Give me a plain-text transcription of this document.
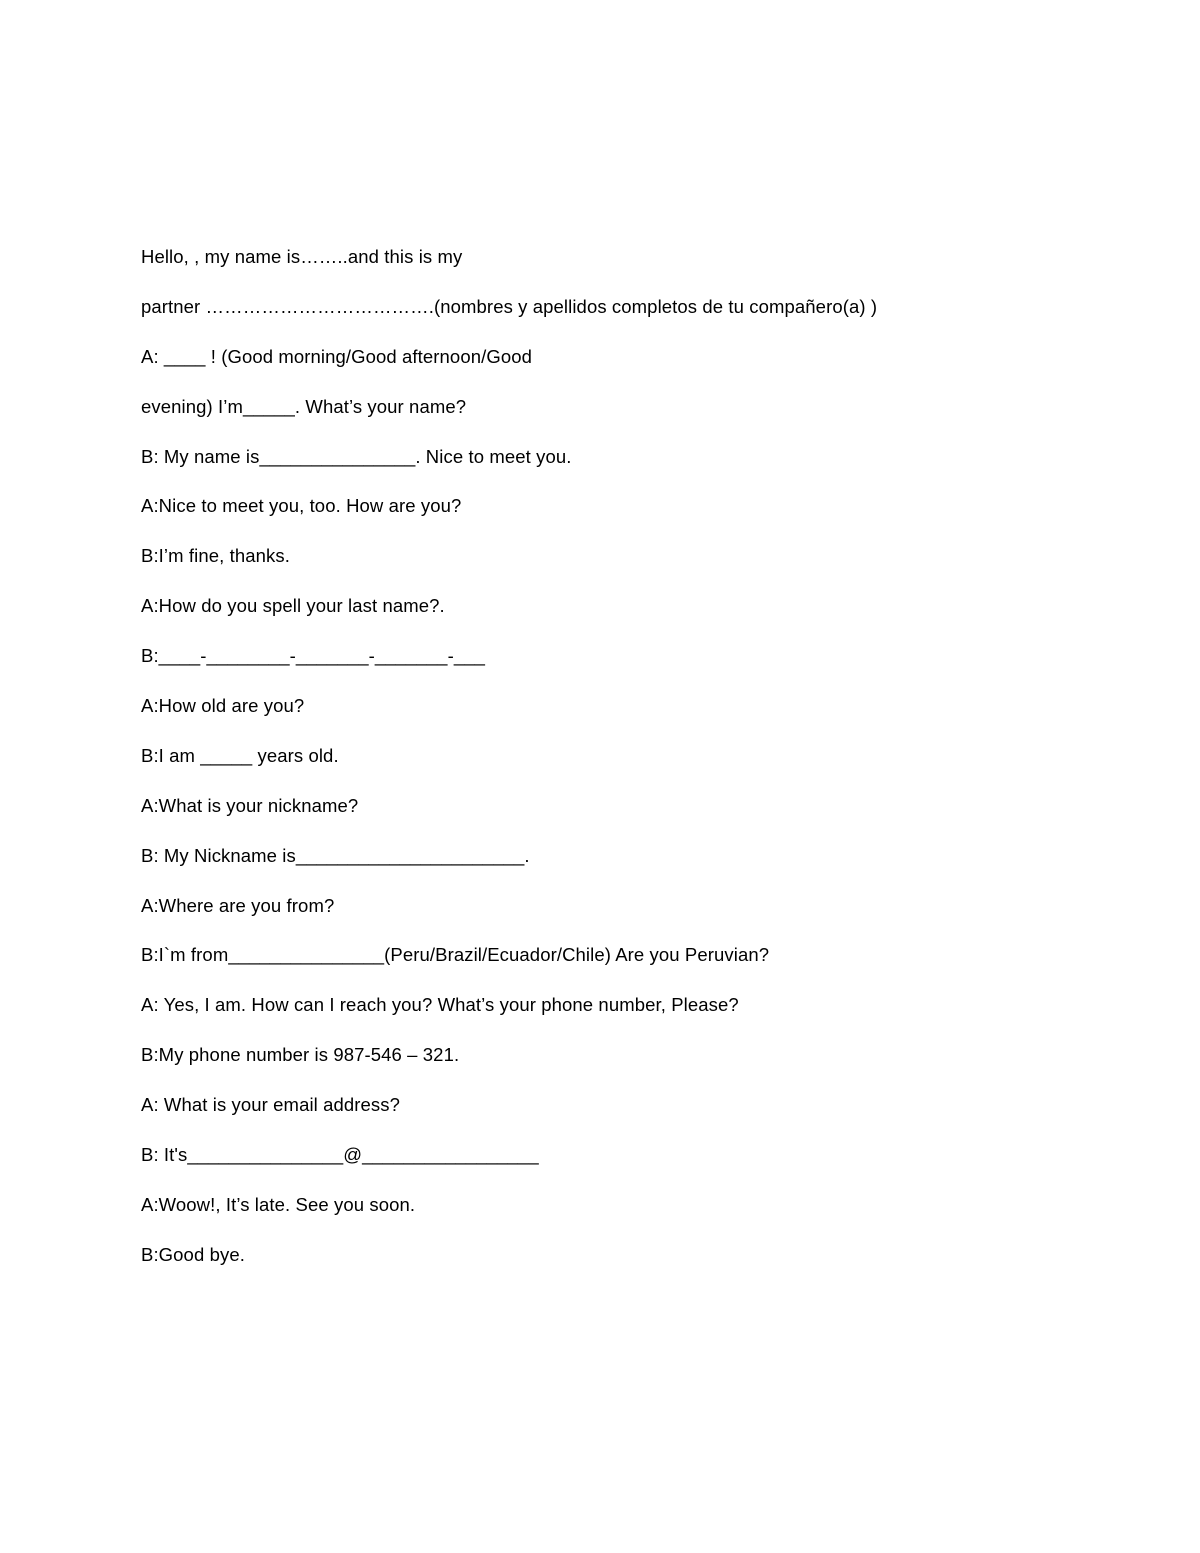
Hello, , my name is……..and this is my
partner ……………………………….(nombres y apellidos completos de tu compañero(a) )
A: ____ ! (Good morning/Good afternoon/Good
evening) I’m_____. What’s your name?
B: My name is_______________. Nice to meet you.
A:Nice to meet you, too. How are you?
B:I’m fine, thanks.
A:How do you spell your last name?.
B:____-________-_______-_______-___
A:How old are you?
B:I am _____ years old.
A:What is your nickname?
B: My Nickname is______________________.
A:Where are you from?
B:I`m from_______________(Peru/Brazil/Ecuador/Chile) Are you Peruvian?
A: Yes, I am. How can I reach you? What’s your phone number, Please?
B:My phone number is 987-546 – 321.
A: What is your email address?
B: It's_______________@_________________
A:Woow!, It’s late. See you soon.
B:Good bye.
